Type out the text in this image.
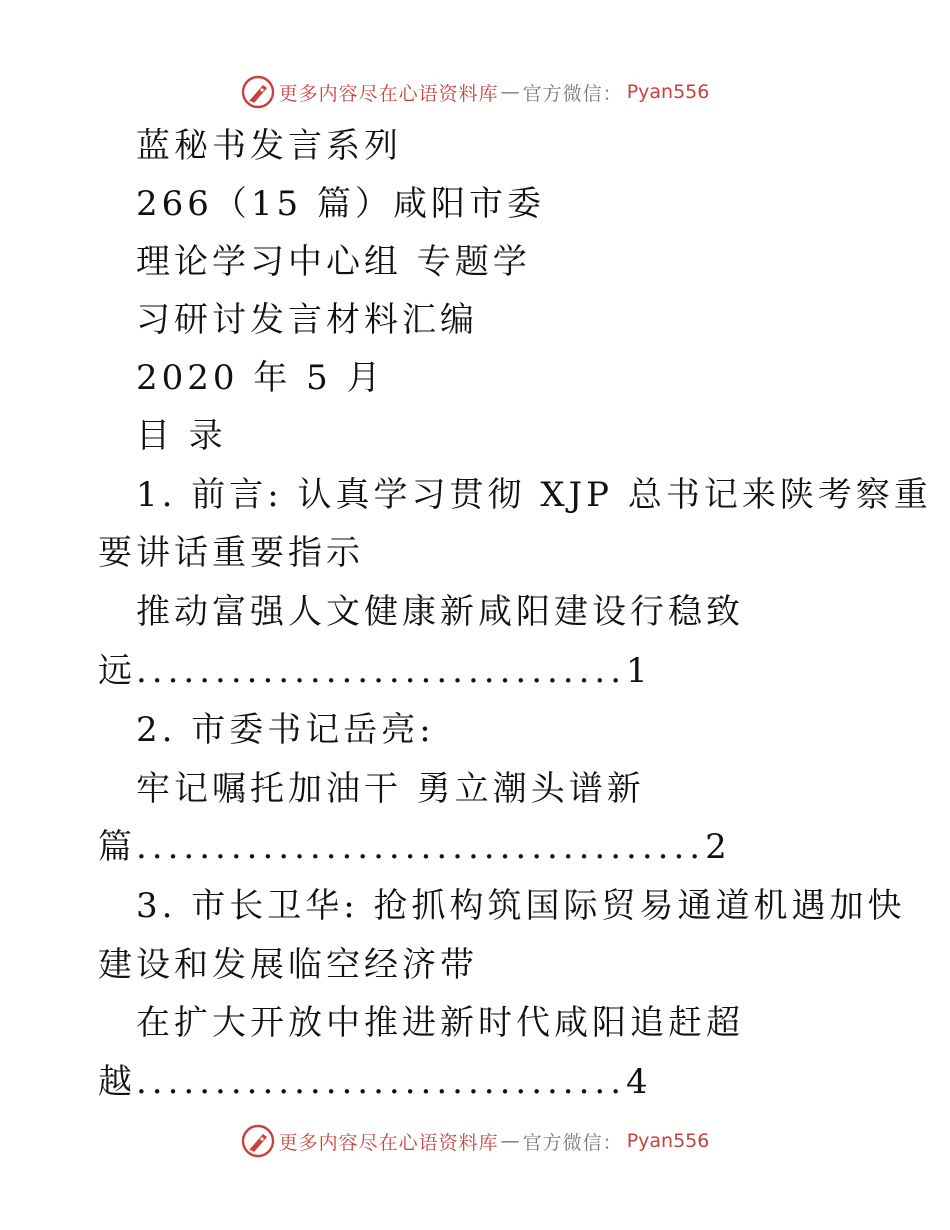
更多内容尽在心语资料库 — 官方微信： Pyan556
蓝秘书发言系列
266（15 篇）咸阳市委
理论学习中心组 专题学
习研讨发言材料汇编
2020 年 5 月
目 录
1. 前言: 认真学习贯彻 XJP 总书记来陕考察重
要讲话重要指示
推动富强人文健康新咸阳建设行稳致
远 ............................... 1
2. 市委书记岳亮:
牢记嘱托加油干 勇立潮头谱新
篇 .................................... 2
3. 市长卫华: 抢抓构筑国际贸易通道机遇加快
建设和发展临空经济带
在扩大开放中推进新时代咸阳追赶超
越 ............................... 4
更多内容尽在心语资料库 — 官方微信： Pyan556
